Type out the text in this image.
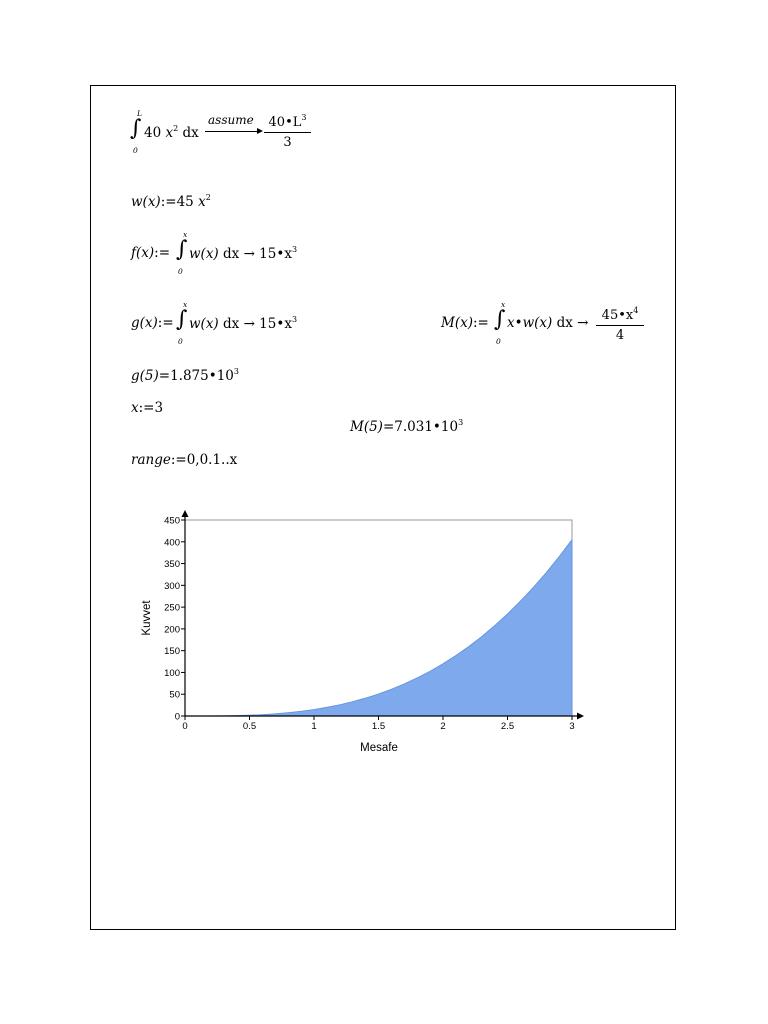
L
∫
0
40 $x^2$ dx
assume $\frac{40•L^3}{3}$
w(x):=45 $x^2$
f(x):=
x
∫
0
w(x) dx → $15•x^3$
g(x):=
x
∫
0
w(x) dx → $15•x^3$	M(x):=
x
∫
0
x•w(x) dx → $\frac{45•x^4}{4}$
$g(5)=1.875•10^3$
x:=3
$M(5)=7.031•10^3$
range:=0,0.1..x
0	0.5	1	1.5	2	2.5	3
0
50
100
150
200
250
300
350
400
450
Mesafe
Kuvvet
